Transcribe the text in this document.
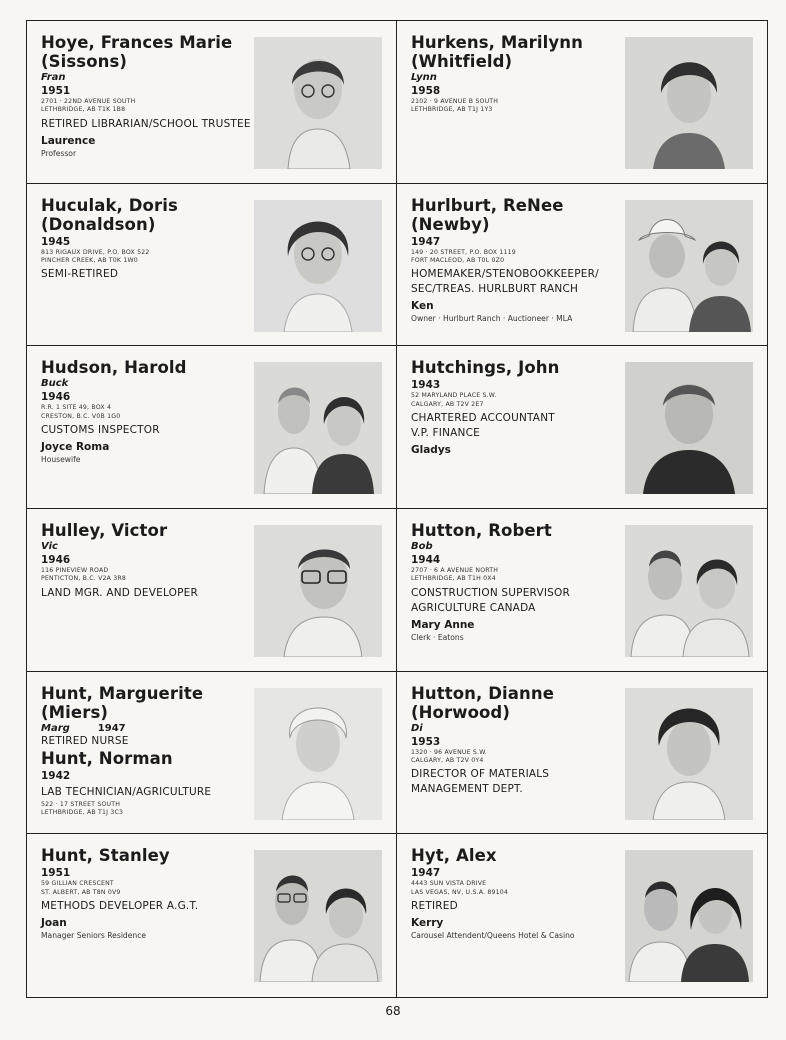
Hoye, Frances Marie
(Sissons)
Fran
1951
2701 · 22ND AVENUE SOUTH
LETHBRIDGE, AB T1K 1B8
RETIRED LIBRARIAN/SCHOOL TRUSTEE
Laurence
Professor
Hurkens, Marilynn
(Whitfield)
Lynn
1958
2102 · 9 AVENUE B SOUTH
LETHBRIDGE, AB T1J 1Y3
Huculak, Doris
(Donaldson)
1945
813 RIGAUX DRIVE, P.O. BOX 522
PINCHER CREEK, AB T0K 1W0
SEMI-RETIRED
Hurlburt, ReNee
(Newby)
1947
149 · 20 STREET, P.O. BOX 1119
FORT MACLEOD, AB T0L 0Z0
HOMEMAKER/STENOBOOKKEEPER/
SEC/TREAS. HURLBURT RANCH
Ken
Owner · Hurlburt Ranch · Auctioneer · MLA
Hudson, Harold
Buck
1946
R.R. 1 SITE 49, BOX 4
CRESTON, B.C. V0B 1G0
CUSTOMS INSPECTOR
Joyce Roma
Housewife
Hutchings, John
1943
52 MARYLAND PLACE S.W.
CALGARY, AB T2V 2E7
CHARTERED ACCOUNTANT
V.P. FINANCE
Gladys
Hulley, Victor
Vic
1946
116 PINEVIEW ROAD
PENTICTON, B.C. V2A 3R8
LAND MGR. AND DEVELOPER
Hutton, Robert
Bob
1944
2707 · 6 A AVENUE NORTH
LETHBRIDGE, AB T1H 0X4
CONSTRUCTION SUPERVISOR
AGRICULTURE CANADA
Mary Anne
Clerk · Eatons
Hunt, Marguerite
(Miers)
Marg	1947
RETIRED NURSE
Hunt, Norman
1942
LAB TECHNICIAN/AGRICULTURE
522 · 17 STREET SOUTH
LETHBRIDGE, AB T1J 3C3
Hutton, Dianne
(Horwood)
Di
1953
1320 · 96 AVENUE S.W.
CALGARY, AB T2V 0Y4
DIRECTOR OF MATERIALS
MANAGEMENT DEPT.
Hunt, Stanley
1951
59 GILLIAN CRESCENT
ST. ALBERT, AB T8N 0V9
METHODS DEVELOPER A.G.T.
Joan
Manager Seniors Residence
Hyt, Alex
1947
4443 SUN VISTA DRIVE
LAS VEGAS, NV, U.S.A. 89104
RETIRED
Kerry
Carousel Attendent/Queens Hotel & Casino
68
